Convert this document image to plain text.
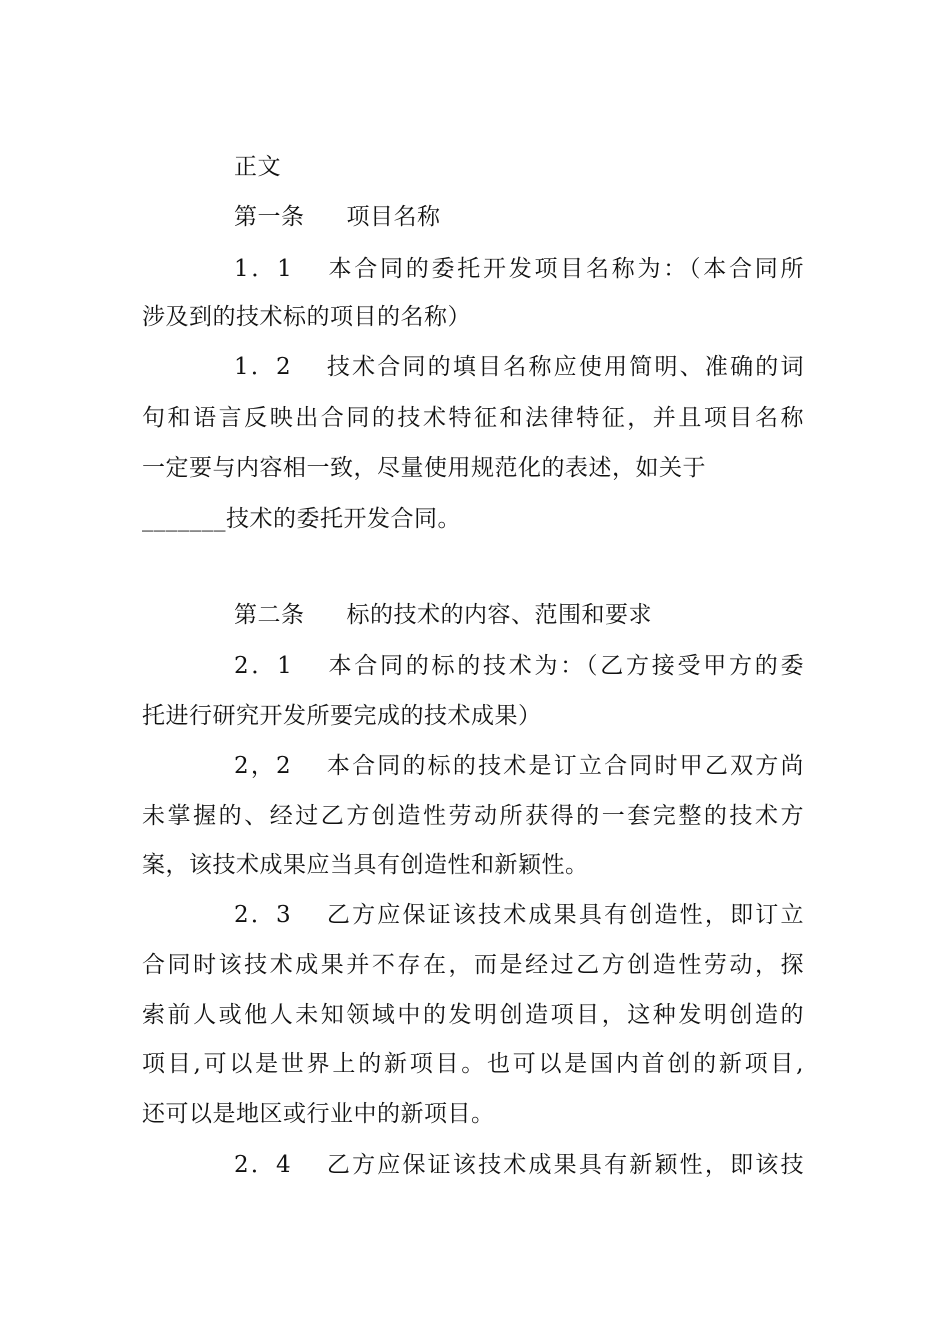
正文
第一条 项目名称
1．1 本合同的委托开发项目名称为：（本合同所
涉及到的技术标的项目的名称）
1．2 技术合同的填目名称应使用简明、准确的词
句和语言反映出合同的技术特征和法律特征，并且项目名称
一定要与内容相一致，尽量使用规范化的表述，如关于
_______技术的委托开发合同。
第二条 标的技术的内容、范围和要求
2．1 本合同的标的技术为：（乙方接受甲方的委
托进行研究开发所要完成的技术成果）
2，2 本合同的标的技术是订立合同时甲乙双方尚
未掌握的、经过乙方创造性劳动所获得的一套完整的技术方
案，该技术成果应当具有创造性和新颖性。
2．3 乙方应保证该技术成果具有创造性，即订立
合同时该技术成果并不存在，而是经过乙方创造性劳动，探
索前人或他人未知领域中的发明创造项目，这种发明创造的
项目,可以是世界上的新项目。也可以是国内首创的新项目,
还可以是地区或行业中的新项目。
2．4 乙方应保证该技术成果具有新颖性，即该技
